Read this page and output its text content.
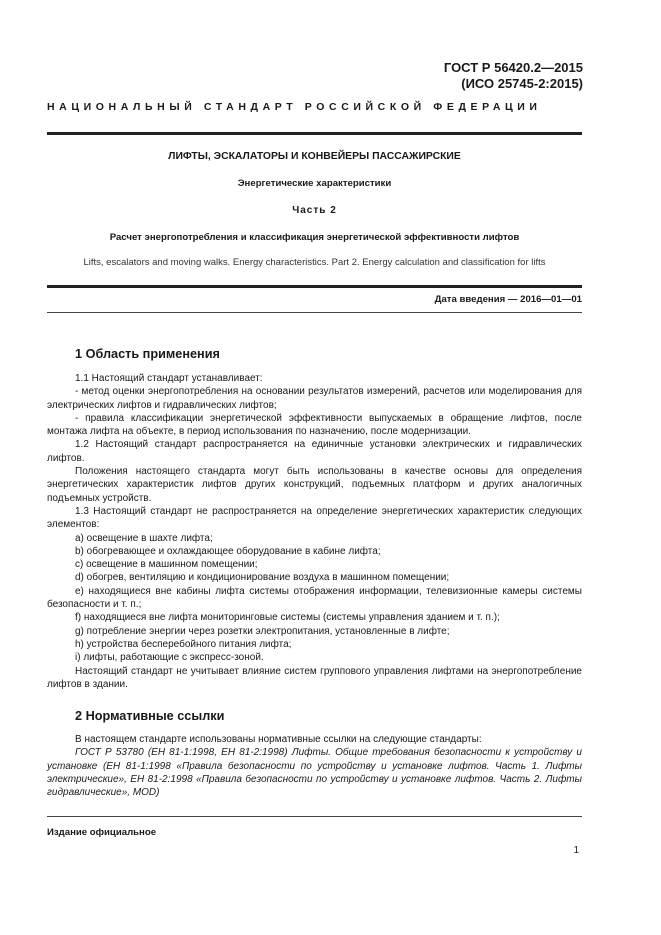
ГОСТ Р 56420.2—2015
(ИСО 25745-2:2015)
НАЦИОНАЛЬНЫЙ СТАНДАРТ РОССИЙСКОЙ ФЕДЕРАЦИИ
ЛИФТЫ, ЭСКАЛАТОРЫ И КОНВЕЙЕРЫ ПАССАЖИРСКИЕ
Энергетические характеристики
Часть 2
Расчет энергопотребления и классификация энергетической эффективности лифтов
Lifts, escalators and moving walks. Energy characteristics. Part 2. Energy calculation and classification for lifts
Дата введения — 2016—01—01
1 Область применения

1.1 Настоящий стандарт устанавливает:

- метод оценки энергопотребления на основании результатов измерений, расчетов или моделирования для электрических лифтов и гидравлических лифтов;

- правила классификации энергетической эффективности выпускаемых в обращение лифтов, после монтажа лифта на объекте, в период использования по назначению, после модернизации.

1.2 Настоящий стандарт распространяется на единичные установки электрических и гидравлических лифтов.

Положения настоящего стандарта могут быть использованы в качестве основы для определения энергетических характеристик лифтов других конструкций, подъемных платформ и других аналогичных подъемных устройств.

1.3 Настоящий стандарт не распространяется на определение энергетических характеристик следующих элементов:

a) освещение в шахте лифта;

b) обогревающее и охлаждающее оборудование в кабине лифта;

c) освещение в машинном помещении;

d) обогрев, вентиляцию и кондиционирование воздуха в машинном помещении;

e) находящиеся вне кабины лифта системы отображения информации, телевизионные камеры системы безопасности и т. п.;

f) находящиеся вне лифта мониторинговые системы (системы управления зданием и т. п.);

g) потребление энергии через розетки электропитания, установленные в лифте;

h) устройства бесперебойного питания лифта;

i) лифты, работающие с экспресс-зоной.

Настоящий стандарт не учитывает влияние систем группового управления лифтами на энергопотребление лифтов в здании.

2 Нормативные ссылки

В настоящем стандарте использованы нормативные ссылки на следующие стандарты:

ГОСТ Р 53780 (ЕН 81-1:1998, ЕН 81-2:1998) Лифты. Общие требования безопасности к устройству и установке (ЕН 81-1:1998 «Правила безопасности по устройству и установке лифтов. Часть 1. Лифты электрические», ЕН 81-2:1998 «Правила безопасности по устройству и установке лифтов. Часть 2. Лифты гидравлические», MOD)

Издание официальное
1
